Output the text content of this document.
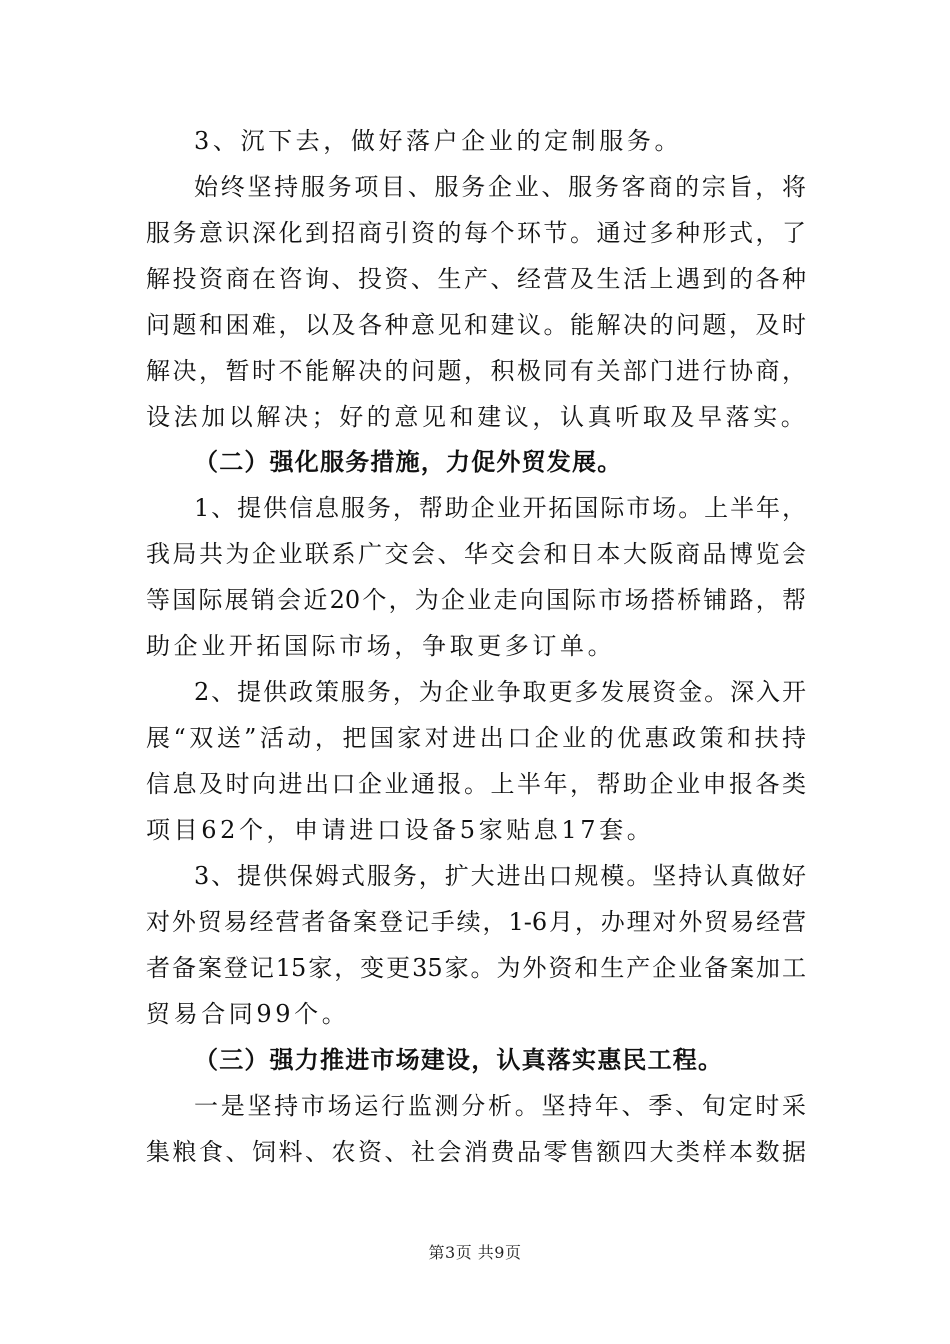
3、沉下去，做好落户企业的定制服务。
始终坚持服务项目、服务企业、服务客商的宗旨，将
服务意识深化到招商引资的每个环节。通过多种形式，了
解投资商在咨询、投资、生产、经营及生活上遇到的各种
问题和困难，以及各种意见和建议。能解决的问题，及时
解决，暂时不能解决的问题，积极同有关部门进行协商，
设法加以解决；好的意见和建议，认真听取及早落实。
（二）强化服务措施，力促外贸发展。
1、提供信息服务，帮助企业开拓国际市场。上半年，
我局共为企业联系广交会、华交会和日本大阪商品博览会
等国际展销会近20个，为企业走向国际市场搭桥铺路，帮
助企业开拓国际市场，争取更多订单。
2、提供政策服务，为企业争取更多发展资金。深入开
展“双送”活动，把国家对进出口企业的优惠政策和扶持
信息及时向进出口企业通报。上半年，帮助企业申报各类
项目62个，申请进口设备5家贴息17套。
3、提供保姆式服务，扩大进出口规模。坚持认真做好
对外贸易经营者备案登记手续，1-6月，办理对外贸易经营
者备案登记15家，变更35家。为外资和生产企业备案加工
贸易合同99个。
（三）强力推进市场建设，认真落实惠民工程。
一是坚持市场运行监测分析。坚持年、季、旬定时采
集粮食、饲料、农资、社会消费品零售额四大类样本数据
第3页 共9页
